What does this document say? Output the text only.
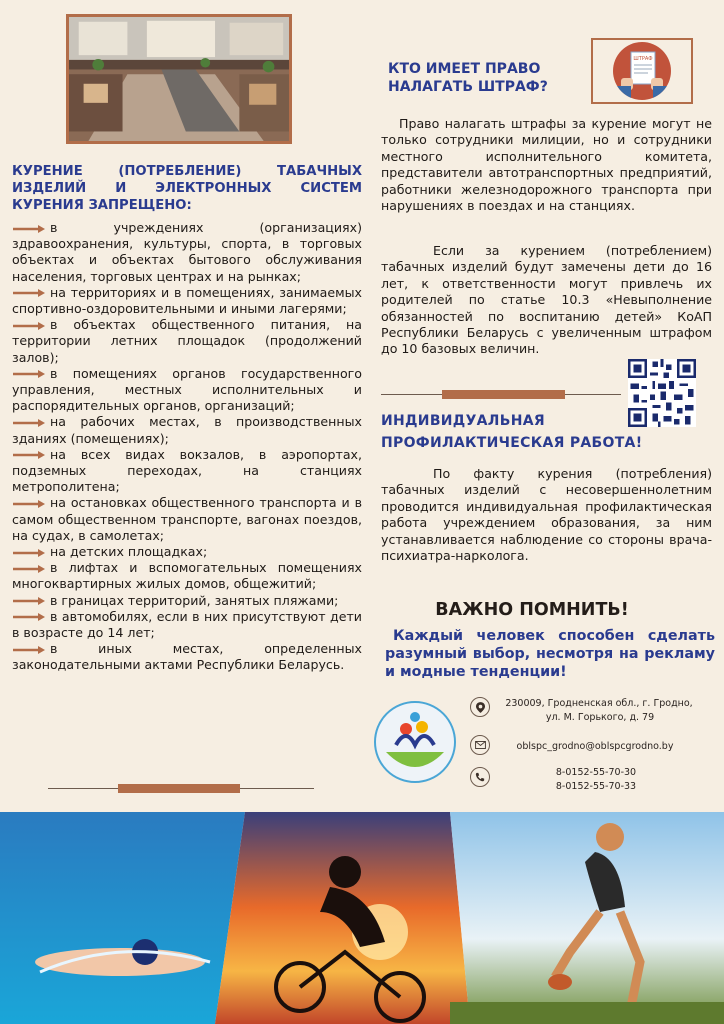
КУРЕНИЕ (ПОТРЕБЛЕНИЕ) ТАБАЧНЫХ ИЗДЕЛИЙ И ЭЛЕКТРОННЫХ СИСТЕМ КУРЕНИЯ ЗАПРЕЩЕНО:
в учреждениях (организациях) здравоохранения, культуры, спорта, в торговых объектах и объектах бытового обслуживания населения, торговых центрах и на рынках;
на территориях и в помещениях, занимаемых спортивно-оздоровительными и иными лагерями;
в объектах общественного питания, на территории летних площадок (продолжений залов);
в помещениях органов государственного управления, местных исполнительных и распорядительных органов, организаций;
на рабочих местах, в производственных зданиях (помещениях);
на всех видах вокзалов, в аэропортах, подземных переходах, на станциях метрополитена;
на остановках общественного транспорта и в самом общественном транспорте, вагонах поездов, на судах, в самолетах;
на детских площадках;
в лифтах и вспомогательных помещениях многоквартирных жилых домов, общежитий;
в границах территорий, занятых пляжами;
в автомобилях, если в них присутствуют дети в возрасте до 14 лет;
в иных местах, определенных законодательными актами Республики Беларусь.
КТО ИМЕЕТ ПРАВО НАЛАГАТЬ ШТРАФ?
ШТРАФ
Право налагать штрафы за курение могут не только сотрудники милиции, но и сотрудники местного исполнительного комитета, представители автотранспортных предприятий, работники железнодорожного транспорта при нарушениях в поездах и на станциях.
Если за курением (потреблением) табачных изделий будут замечены дети до 16 лет, к ответственности могут привлечь их родителей по статье 10.3 «Невыполнение обязанностей по воспитанию детей» КоАП Республики Беларусь с увеличенным штрафом до 10 базовых величин.
ИНДИВИДУАЛЬНАЯ ПРОФИЛАКТИЧЕСКАЯ РАБОТА!
По факту курения (потребления) табачных изделий с несовершеннолетним проводится индивидуальная профилактическая работа учреждением образования, за ним устанавливается наблюдение со стороны врача-психиатра-нарколога.
ВАЖНО ПОМНИТЬ!
Каждый человек способен сделать разумный выбор, несмотря на рекламу и модные тенденции!
230009, Гродненская обл., г. Гродно,
ул. М. Горького, д. 79
oblspc_grodno@oblspcgrodno.by
8-0152-55-70-30
8-0152-55-70-33
